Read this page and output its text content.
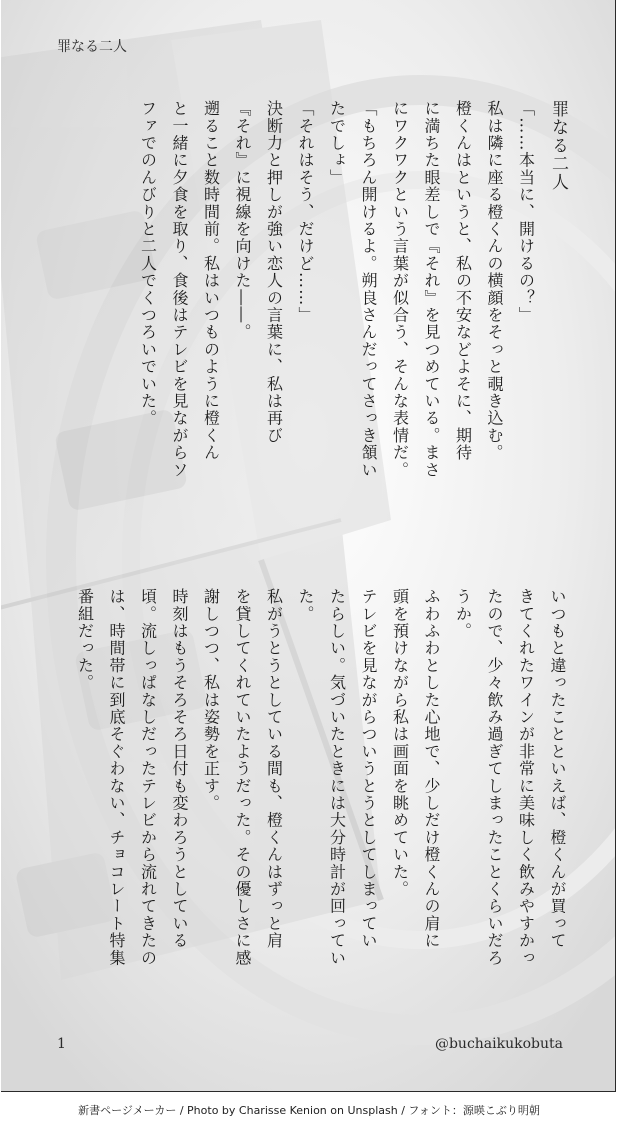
罪なる二人
罪なる二人
「……本当に、開けるの？」
私は隣に座る橙くんの横顔をそっと覗き込む。
橙くんはというと、私の不安などよそに、期待
に満ちた眼差しで『それ』を見つめている。まさ
にワクワクという言葉が似合う、そんな表情だ。
「もちろん開けるよ。朔良さんだってさっき頷い
たでしょ」
「それはそう、だけど……」
決断力と押しが強い恋人の言葉に、私は再び
『それ』に視線を向けた――。
遡ること数時間前。私はいつものように橙くん
と一緒に夕食を取り、食後はテレビを見ながらソ
ファでのんびりと二人でくつろいでいた。
いつもと違ったことといえば、橙くんが買って
きてくれたワインが非常に美味しく飲みやすかっ
たので、少々飲み過ぎてしまったことくらいだろ
うか。
ふわふわとした心地で、少しだけ橙くんの肩に
頭を預けながら私は画面を眺めていた。
テレビを見ながらついうとうとしてしまってい
たらしい。気づいたときには大分時計が回ってい
た。
私がうとうとしている間も、橙くんはずっと肩
を貸してくれていたようだった。その優しさに感
謝しつつ、私は姿勢を正す。
時刻はもうそろそろ日付も変わろうとしている
頃。流しっぱなしだったテレビから流れてきたの
は、時間帯に到底そぐわない、チョコレート特集
番組だった。
1	@buchaikukobuta
新書ページメーカー / Photo by Charisse Kenion on Unsplash / フォント：源暎こぶり明朝
